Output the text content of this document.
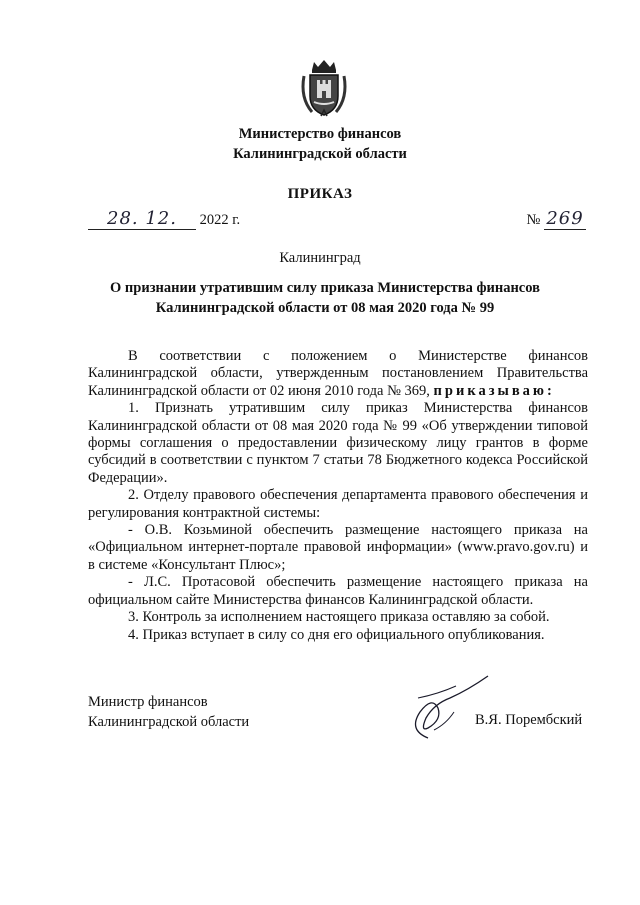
Министерство финансов
Калининградской области
ПРИКАЗ
28. 12. 2022 г.	№ 269
Калининград
О признании утратившим силу приказа Министерства финансов
Калининградской области от 08 мая 2020 года № 99

В соответствии с положением о Министерстве финансов Калининградской области, утвержденным постановлением Правительства Калининградской области от 02 июня 2010 года № 369, приказываю:

1. Признать утратившим силу приказ Министерства финансов Калининградской области от 08 мая 2020 года № 99 «Об утверждении типовой формы соглашения о предоставлении физическому лицу грантов в форме субсидий в соответствии с пунктом 7 статьи 78 Бюджетного кодекса Российской Федерации».

2. Отделу правового обеспечения департамента правового обеспечения и регулирования контрактной системы:

- О.В. Козьминой обеспечить размещение настоящего приказа на «Официальном интернет-портале правовой информации» (www.pravo.gov.ru) и в системе «Консультант Плюс»;

- Л.С. Протасовой обеспечить размещение настоящего приказа на официальном сайте Министерства финансов Калининградской области.

3. Контроль за исполнением настоящего приказа оставляю за собой.

4. Приказ вступает в силу со дня его официального опубликования.

Министр финансов
Калининградской области	В.Я. Порембский
